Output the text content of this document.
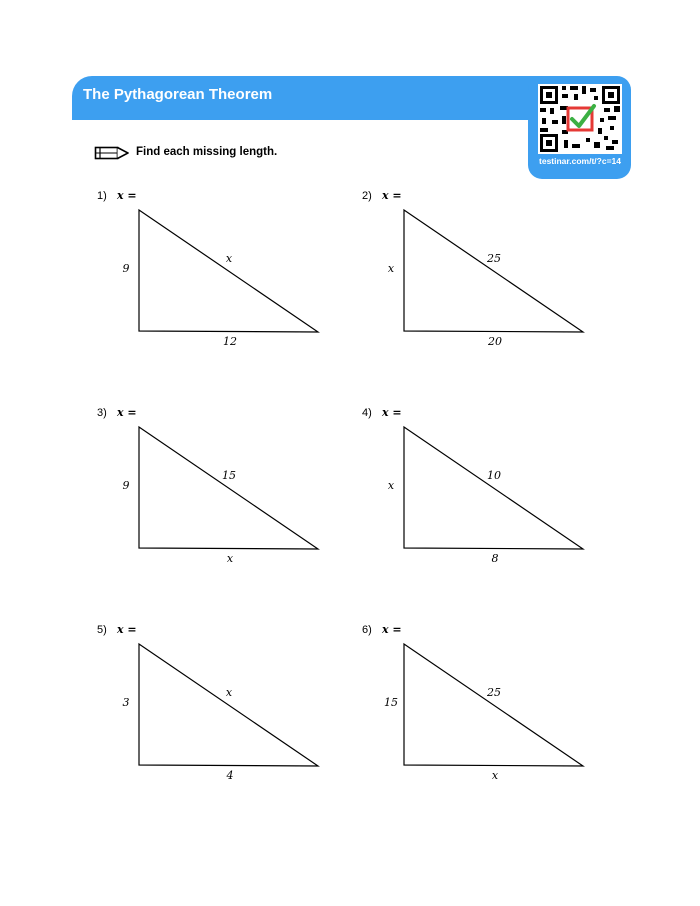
The Pythagorean Theorem
testinar.com/t/?c=14
Find each missing length.
1) x =
9
12
x
2) x =
x
20
25
3) x =
9
x
15
4) x =
x
8
10
5) x =
3
4
x
6) x =
15
x
25
